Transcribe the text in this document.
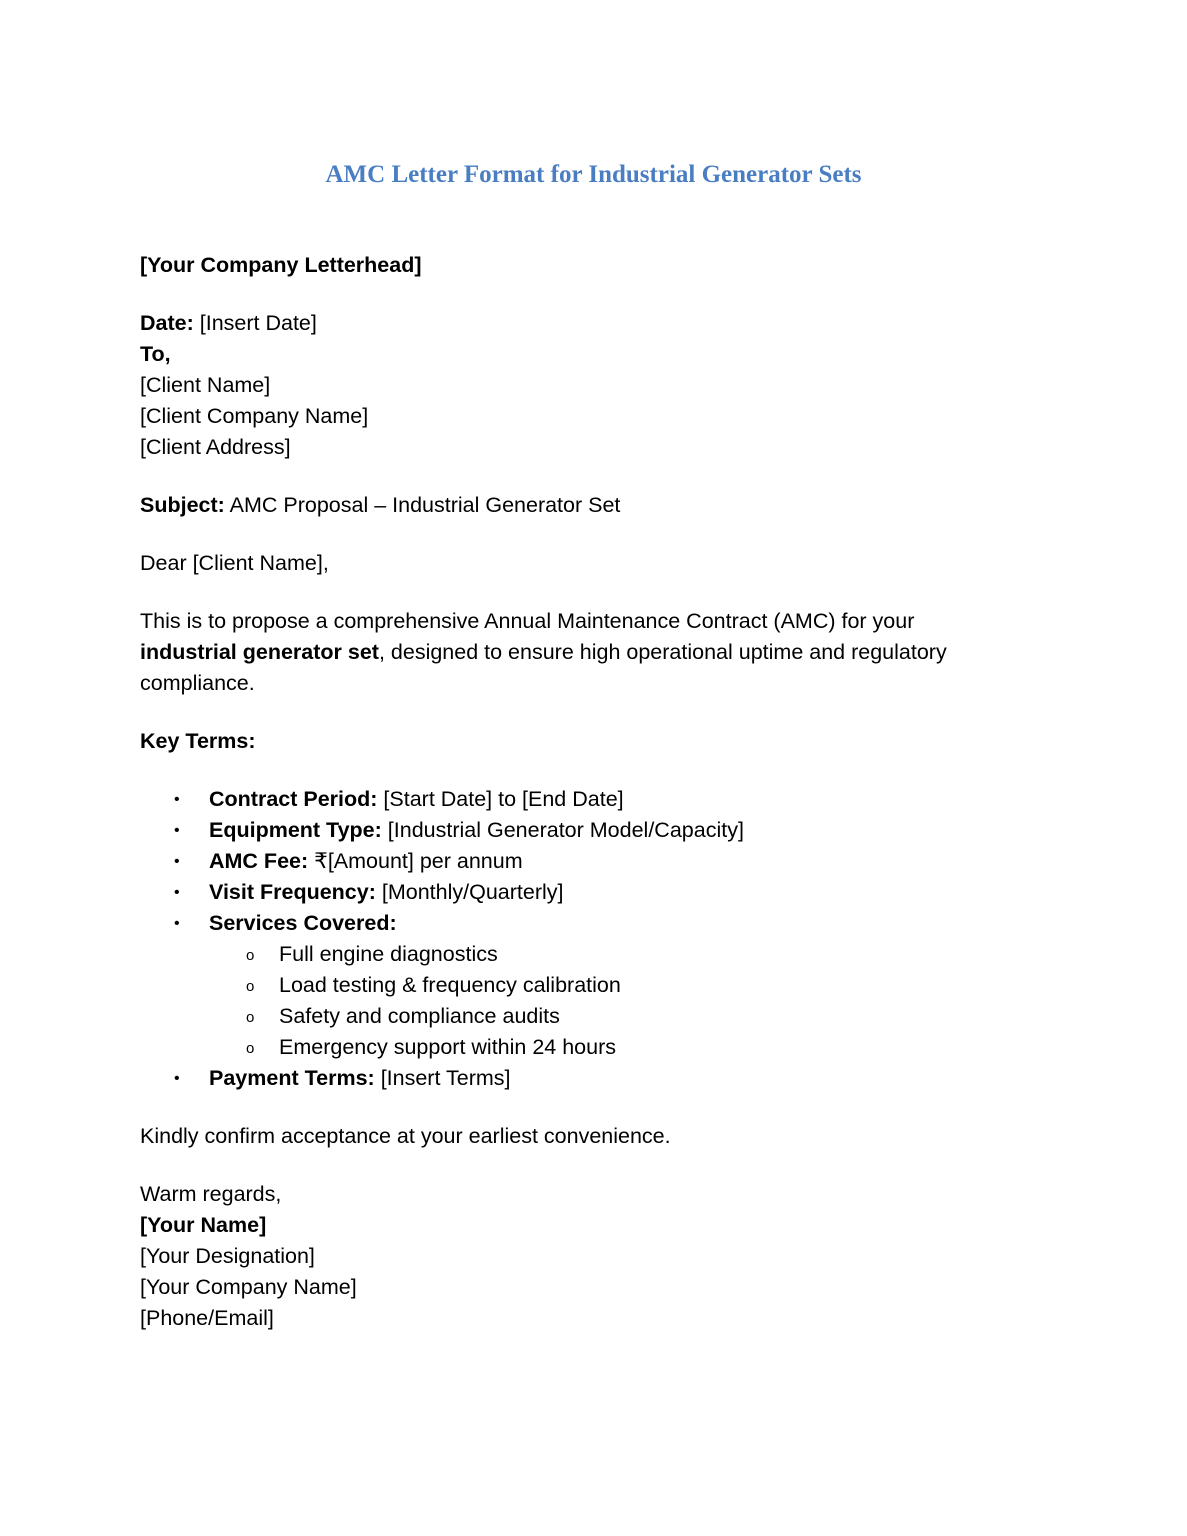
AMC Letter Format for Industrial Generator Sets
[Your Company Letterhead]
Date: [Insert Date]
To,
[Client Name]
[Client Company Name]
[Client Address]
Subject: AMC Proposal – Industrial Generator Set
Dear [Client Name],
This is to propose a comprehensive Annual Maintenance Contract (AMC) for your
industrial generator set, designed to ensure high operational uptime and regulatory
compliance.
Key Terms:
• Contract Period: [Start Date] to [End Date]
• Equipment Type: [Industrial Generator Model/Capacity]
• AMC Fee: ₹[Amount] per annum
• Visit Frequency: [Monthly/Quarterly]
• Services Covered:
o Full engine diagnostics
o Load testing & frequency calibration
o Safety and compliance audits
o Emergency support within 24 hours
• Payment Terms: [Insert Terms]
Kindly confirm acceptance at your earliest convenience.
Warm regards,
[Your Name]
[Your Designation]
[Your Company Name]
[Phone/Email]
